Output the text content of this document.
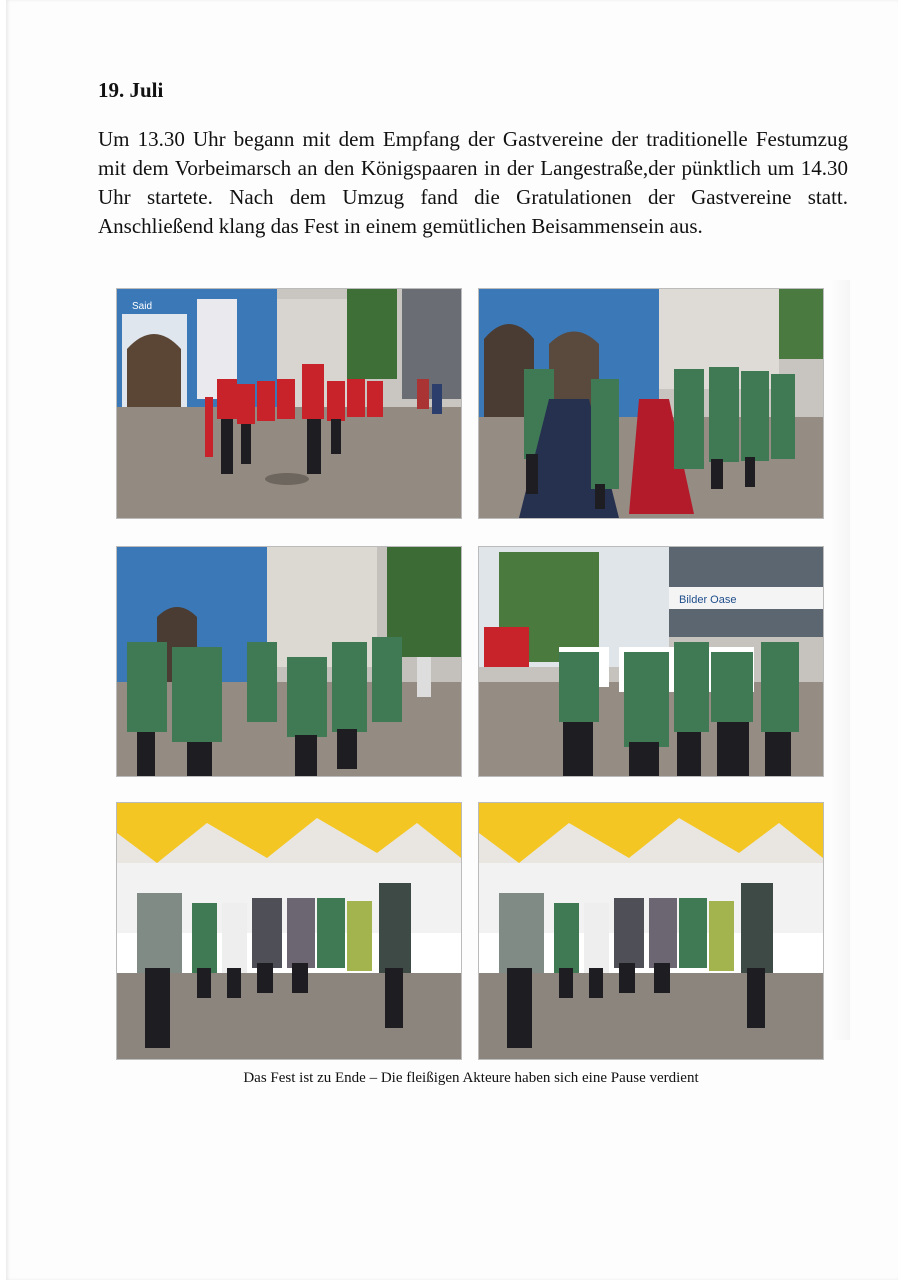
19. Juli

Um 13.30 Uhr begann mit dem Empfang der Gastvereine der traditionelle Festumzug mit dem Vorbeimarsch an den Königspaaren in der Langestraße,der pünktlich um 14.30 Uhr startete. Nach dem Umzug fand die Gratulationen der Gastvereine statt. Anschließend klang das Fest in einem gemütlichen Beisammensein aus.

Said
Bilder Oase
Das Fest ist zu Ende – Die fleißigen Akteure haben sich eine Pause verdient
